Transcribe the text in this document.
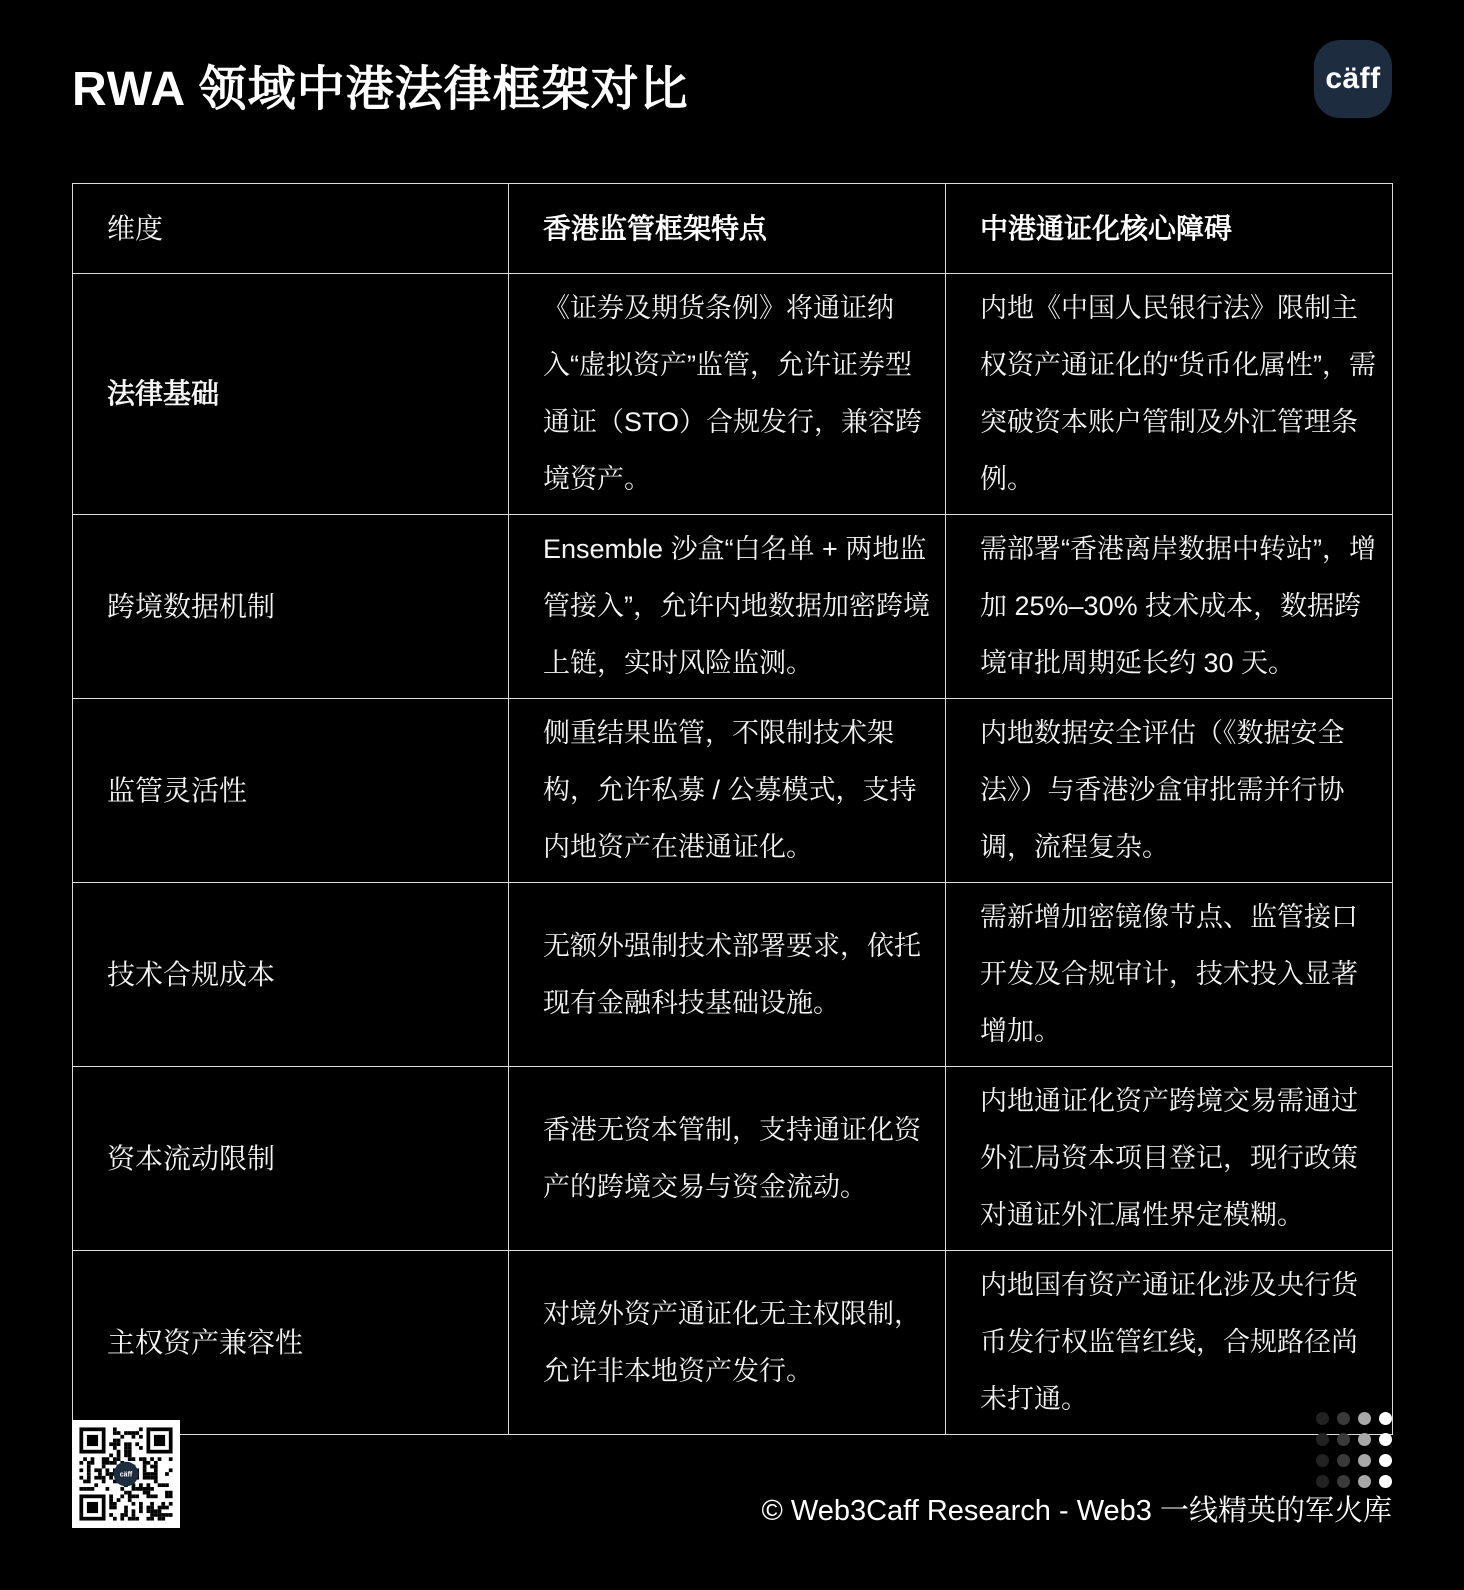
RWA 领域中港法律框架对比	cäff
维度	香港监管框架特点	中港通证化核心障碍
法律基础	《证券及期货条例》将通证纳入“虚拟资产”监管，允许证券型通证（STO）合规发行，兼容跨境资产。	内地《中国人民银行法》限制主权资产通证化的“货币化属性”，需突破资本账户管制及外汇管理条例。
跨境数据机制	Ensemble 沙盒“白名单 + 两地监管接入”，允许内地数据加密跨境上链，实时风险监测。	需部署“香港离岸数据中转站”，增加 25%–30% 技术成本，数据跨境审批周期延长约 30 天。
监管灵活性	侧重结果监管，不限制技术架构，允许私募 / 公募模式，支持内地资产在港通证化。	内地数据安全评估（《数据安全法》）与香港沙盒审批需并行协调，流程复杂。
技术合规成本	无额外强制技术部署要求，依托现有金融科技基础设施。	需新增加密镜像节点、监管接口开发及合规审计，技术投入显著增加。
资本流动限制	香港无资本管制，支持通证化资产的跨境交易与资金流动。	内地通证化资产跨境交易需通过外汇局资本项目登记，现行政策对通证外汇属性界定模糊。
主权资产兼容性	对境外资产通证化无主权限制，允许非本地资产发行。	内地国有资产通证化涉及央行货币发行权监管红线，合规路径尚未打通。
cäff
© Web3Caff Research - Web3 一线精英的军火库
